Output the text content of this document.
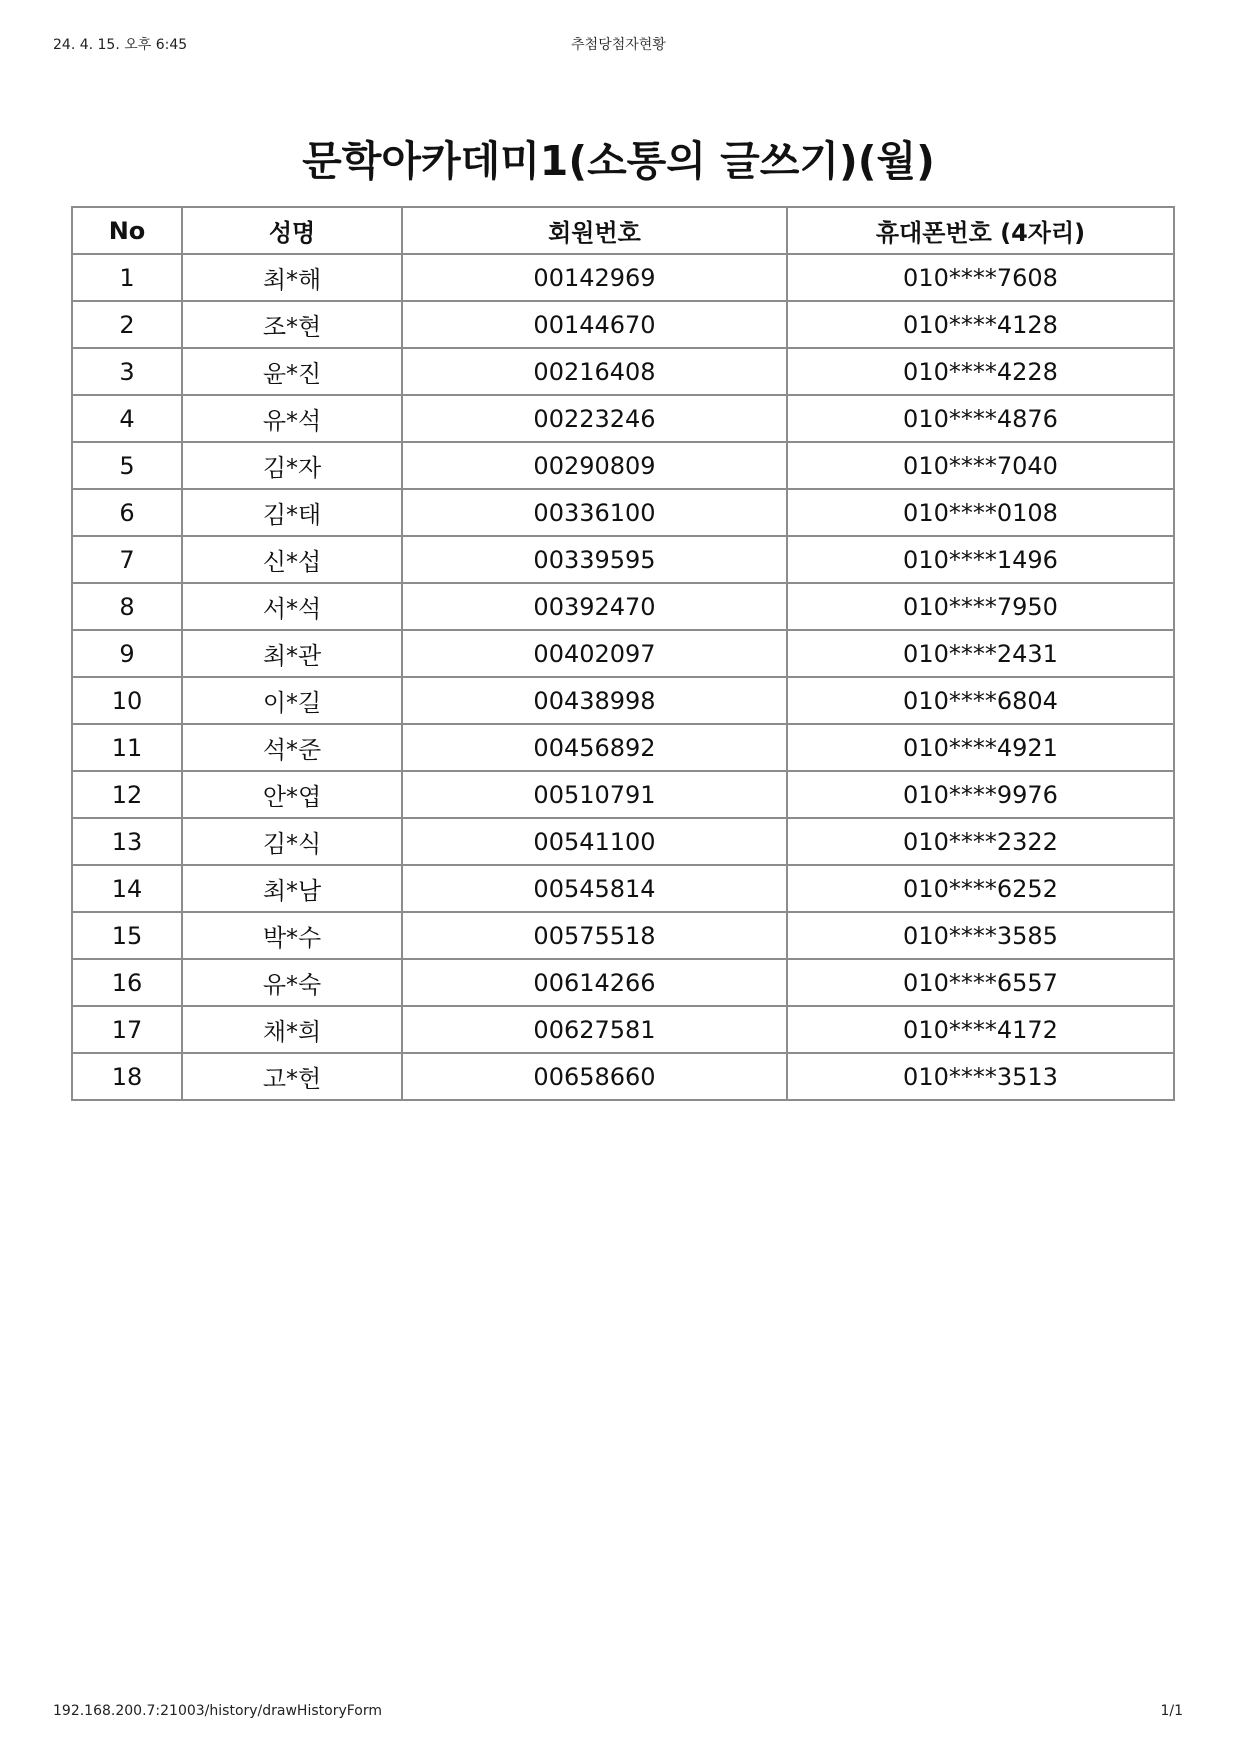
24. 4. 15. 오후 6:45	추첨당첨자현황
문학아카데미1(소통의 글쓰기)(월)
No	성명	회원번호	휴대폰번호 (4자리)
1	최*해	00142969	010****7608
2	조*현	00144670	010****4128
3	윤*진	00216408	010****4228
4	유*석	00223246	010****4876
5	김*자	00290809	010****7040
6	김*태	00336100	010****0108
7	신*섭	00339595	010****1496
8	서*석	00392470	010****7950
9	최*관	00402097	010****2431
10	이*길	00438998	010****6804
11	석*준	00456892	010****4921
12	안*엽	00510791	010****9976
13	김*식	00541100	010****2322
14	최*남	00545814	010****6252
15	박*수	00575518	010****3585
16	유*숙	00614266	010****6557
17	채*희	00627581	010****4172
18	고*헌	00658660	010****3513
192.168.200.7:21003/history/drawHistoryForm	1/1
